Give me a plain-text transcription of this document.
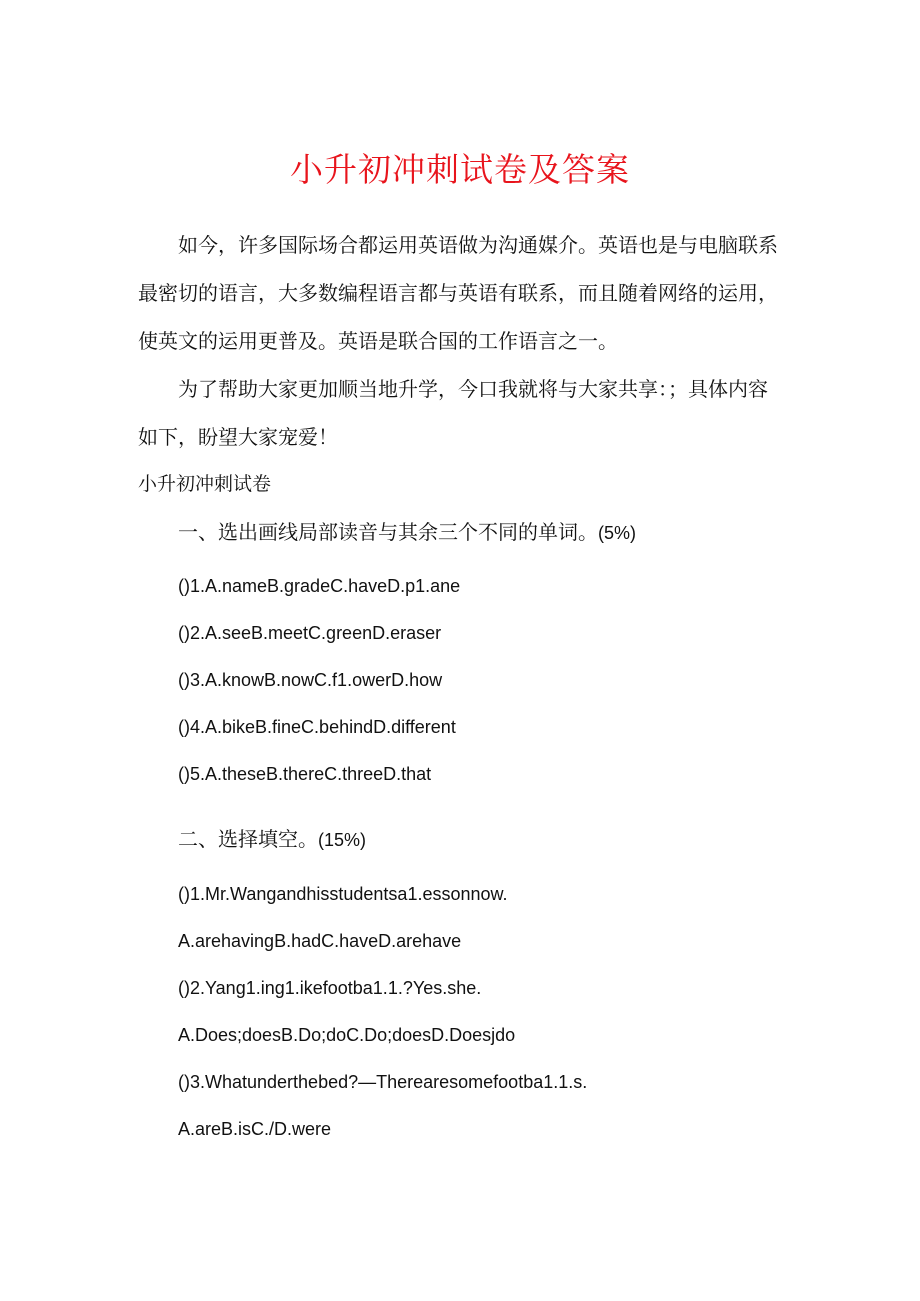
小升初冲刺试卷及答案
如今，许多国际场合都运用英语做为沟通媒介。英语也是与电脑联系
最密切的语言，大多数编程语言都与英语有联系，而且随着网络的运用，
使英文的运用更普及。英语是联合国的工作语言之一。
为了帮助大家更加顺当地升学，今口我就将与大家共享：；具体内容
如下，盼望大家宠爱！
小升初冲刺试卷
一、选出画线局部读音与其余三个不同的单词。(5%)
()1.A.nameB.gradeC.haveD.p1.ane
()2.A.seeB.meetC.greenD.eraser
()3.A.knowB.nowC.f1.owerD.how
()4.A.bikeB.fineC.behindD.different
()5.A.theseB.thereC.threeD.that
二、选择填空。(15%)
()1.Mr.Wangandhisstudentsa1.essonnow.
A.arehavingB.hadC.haveD.arehave
()2.Yang1.ing1.ikefootba1.1.?Yes.she.
A.Does;doesB.Do;doC.Do;doesD.Doesjdo
()3.Whatunderthebed?—Therearesomefootba1.1.s.
A.areB.isC./D.were
